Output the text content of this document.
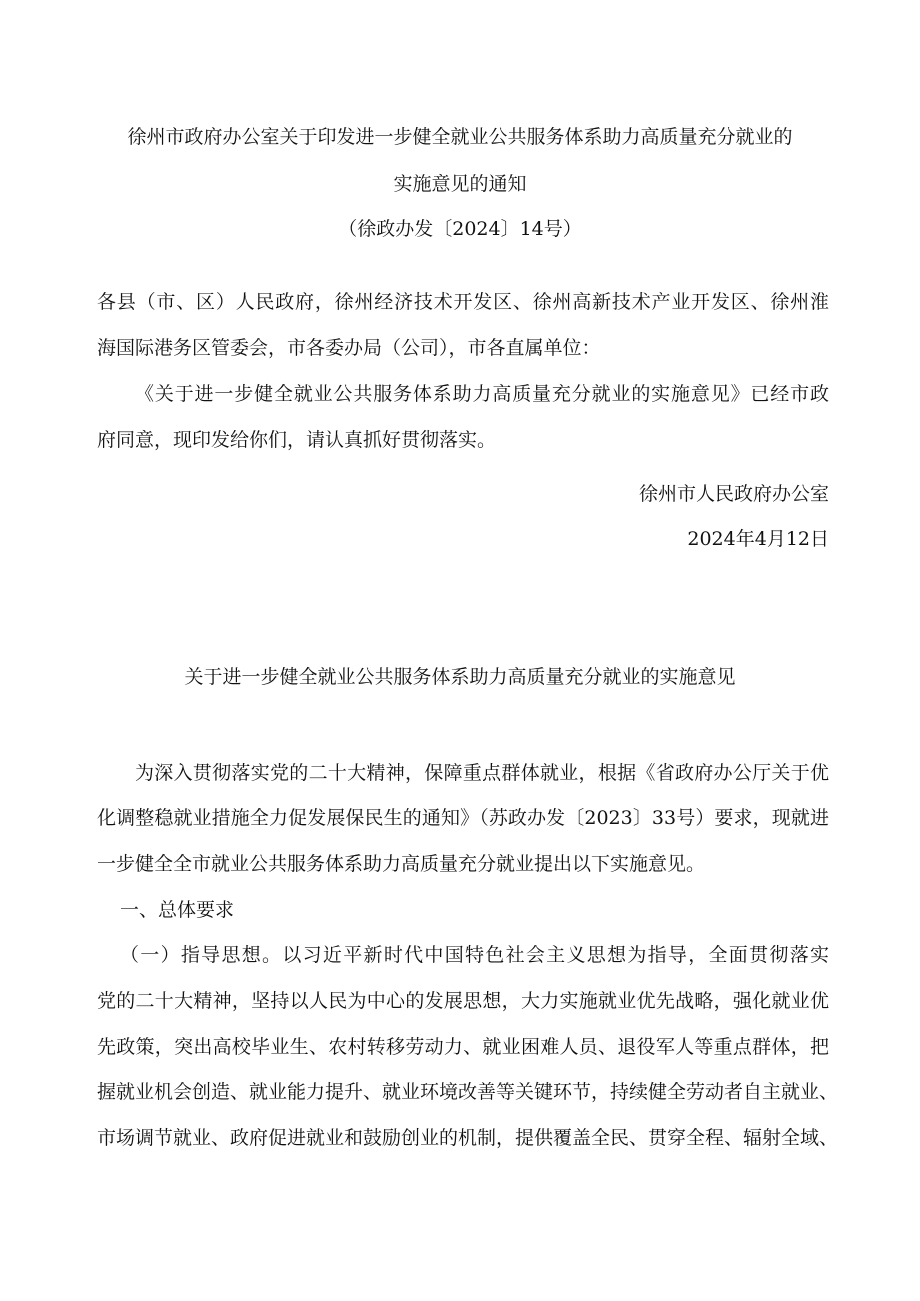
徐州市政府办公室关于印发进一步健全就业公共服务体系助力高质量充分就业的
实施意见的通知
（徐政办发〔2024〕14号）
各县（市、区）人民政府，徐州经济技术开发区、徐州高新技术产业开发区、徐州淮
海国际港务区管委会，市各委办局（公司），市各直属单位：
《关于进一步健全就业公共服务体系助力高质量充分就业的实施意见》已经市政
府同意，现印发给你们，请认真抓好贯彻落实。
徐州市人民政府办公室
2024年4月12日
关于进一步健全就业公共服务体系助力高质量充分就业的实施意见
为深入贯彻落实党的二十大精神，保障重点群体就业，根据《省政府办公厅关于优
化调整稳就业措施全力促发展保民生的通知》（苏政办发〔2023〕33号）要求，现就进
一步健全全市就业公共服务体系助力高质量充分就业提出以下实施意见。
一、总体要求
（一）指导思想。以习近平新时代中国特色社会主义思想为指导，全面贯彻落实
党的二十大精神，坚持以人民为中心的发展思想，大力实施就业优先战略，强化就业优
先政策，突出高校毕业生、农村转移劳动力、就业困难人员、退役军人等重点群体，把
握就业机会创造、就业能力提升、就业环境改善等关键环节，持续健全劳动者自主就业、
市场调节就业、政府促进就业和鼓励创业的机制，提供覆盖全民、贯穿全程、辐射全域、
